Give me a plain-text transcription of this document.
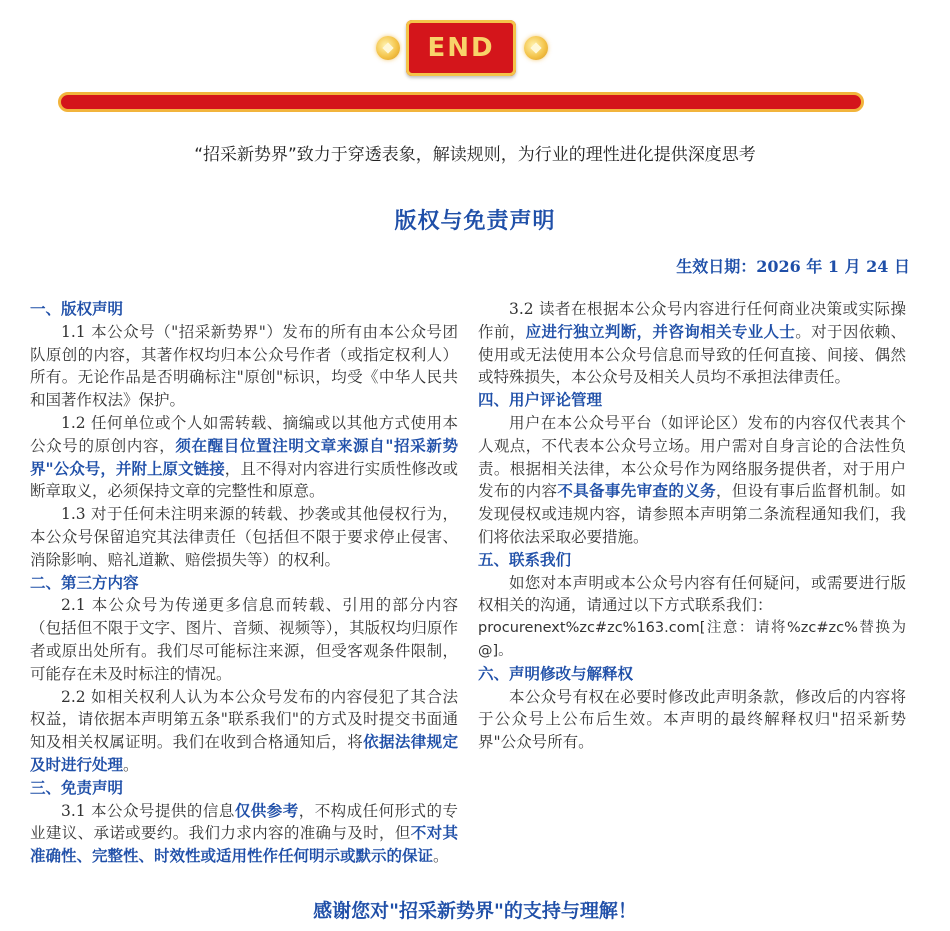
END
“招采新势界”致力于穿透表象，解读规则，为行业的理性进化提供深度思考
版权与免责声明
生效日期：2026 年 1 月 24 日
一、版权声明
1.1 本公众号（"招采新势界"）发布的所有由本公众号团队原创的内容，其著作权均归本公众号作者（或指定权利人）所有。无论作品是否明确标注"原创"标识，均受《中华人民共和国著作权法》保护。
1.2 任何单位或个人如需转载、摘编或以其他方式使用本公众号的原创内容，须在醒目位置注明文章来源自"招采新势界"公众号，并附上原文链接，且不得对内容进行实质性修改或断章取义，必须保持文章的完整性和原意。
1.3 对于任何未注明来源的转载、抄袭或其他侵权行为，本公众号保留追究其法律责任（包括但不限于要求停止侵害、消除影响、赔礼道歉、赔偿损失等）的权利。
二、第三方内容
2.1 本公众号为传递更多信息而转载、引用的部分内容（包括但不限于文字、图片、音频、视频等），其版权均归原作者或原出处所有。我们尽可能标注来源，但受客观条件限制，可能存在未及时标注的情况。
2.2 如相关权利人认为本公众号发布的内容侵犯了其合法权益，请依据本声明第五条"联系我们"的方式及时提交书面通知及相关权属证明。我们在收到合格通知后，将依据法律规定及时进行处理。
三、免责声明
3.1 本公众号提供的信息仅供参考，不构成任何形式的专业建议、承诺或要约。我们力求内容的准确与及时，但不对其准确性、完整性、时效性或适用性作任何明示或默示的保证。
3.2 读者在根据本公众号内容进行任何商业决策或实际操作前，应进行独立判断，并咨询相关专业人士。对于因依赖、使用或无法使用本公众号信息而导致的任何直接、间接、偶然或特殊损失，本公众号及相关人员均不承担法律责任。
四、用户评论管理
用户在本公众号平台（如评论区）发布的内容仅代表其个人观点，不代表本公众号立场。用户需对自身言论的合法性负责。根据相关法律，本公众号作为网络服务提供者，对于用户发布的内容不具备事先审查的义务，但设有事后监督机制。如发现侵权或违规内容，请参照本声明第二条流程通知我们，我们将依法采取必要措施。
五、联系我们
如您对本声明或本公众号内容有任何疑问，或需要进行版权相关的沟通，请通过以下方式联系我们：
procurenext%zc#zc%163.com[注意：请将%zc#zc%替换为@]。
六、声明修改与解释权
本公众号有权在必要时修改此声明条款，修改后的内容将于公众号上公布后生效。本声明的最终解释权归"招采新势界"公众号所有。
感谢您对"招采新势界"的支持与理解！
